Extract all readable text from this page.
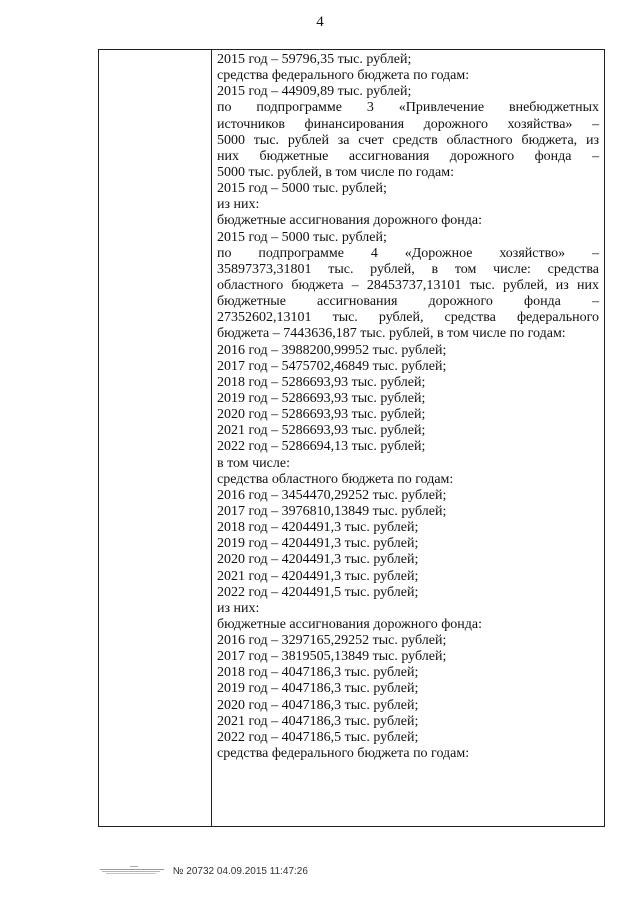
4
2015 год – 59796,35 тыс. рублей;
средства федерального бюджета по годам:
2015 год – 44909,89 тыс. рублей;
по подпрограмме 3 «Привлечение внебюджетных
источников финансирования дорожного хозяйства» –
5000 тыс. рублей за счет средств областного бюджета, из
них бюджетные ассигнования дорожного фонда –
5000 тыс. рублей, в том числе по годам:
2015 год – 5000 тыс. рублей;
из них:
бюджетные ассигнования дорожного фонда:
2015 год – 5000 тыс. рублей;
по подпрограмме 4 «Дорожное хозяйство» –
35897373,31801 тыс. рублей, в том числе: средства
областного бюджета – 28453737,13101 тыс. рублей, из них
бюджетные ассигнования дорожного фонда –
27352602,13101 тыс. рублей, средства федерального
бюджета – 7443636,187 тыс. рублей, в том числе по годам:
2016 год – 3988200,99952 тыс. рублей;
2017 год – 5475702,46849 тыс. рублей;
2018 год – 5286693,93 тыс. рублей;
2019 год – 5286693,93 тыс. рублей;
2020 год – 5286693,93 тыс. рублей;
2021 год – 5286693,93 тыс. рублей;
2022 год – 5286694,13 тыс. рублей;
в том числе:
средства областного бюджета по годам:
2016 год – 3454470,29252 тыс. рублей;
2017 год – 3976810,13849 тыс. рублей;
2018 год – 4204491,3 тыс. рублей;
2019 год – 4204491,3 тыс. рублей;
2020 год – 4204491,3 тыс. рублей;
2021 год – 4204491,3 тыс. рублей;
2022 год – 4204491,5 тыс. рублей;
из них:
бюджетные ассигнования дорожного фонда:
2016 год – 3297165,29252 тыс. рублей;
2017 год – 3819505,13849 тыс. рублей;
2018 год – 4047186,3 тыс. рублей;
2019 год – 4047186,3 тыс. рублей;
2020 год – 4047186,3 тыс. рублей;
2021 год – 4047186,3 тыс. рублей;
2022 год – 4047186,5 тыс. рублей;
средства федерального бюджета по годам:
№ 20732 04.09.2015 11:47:26
